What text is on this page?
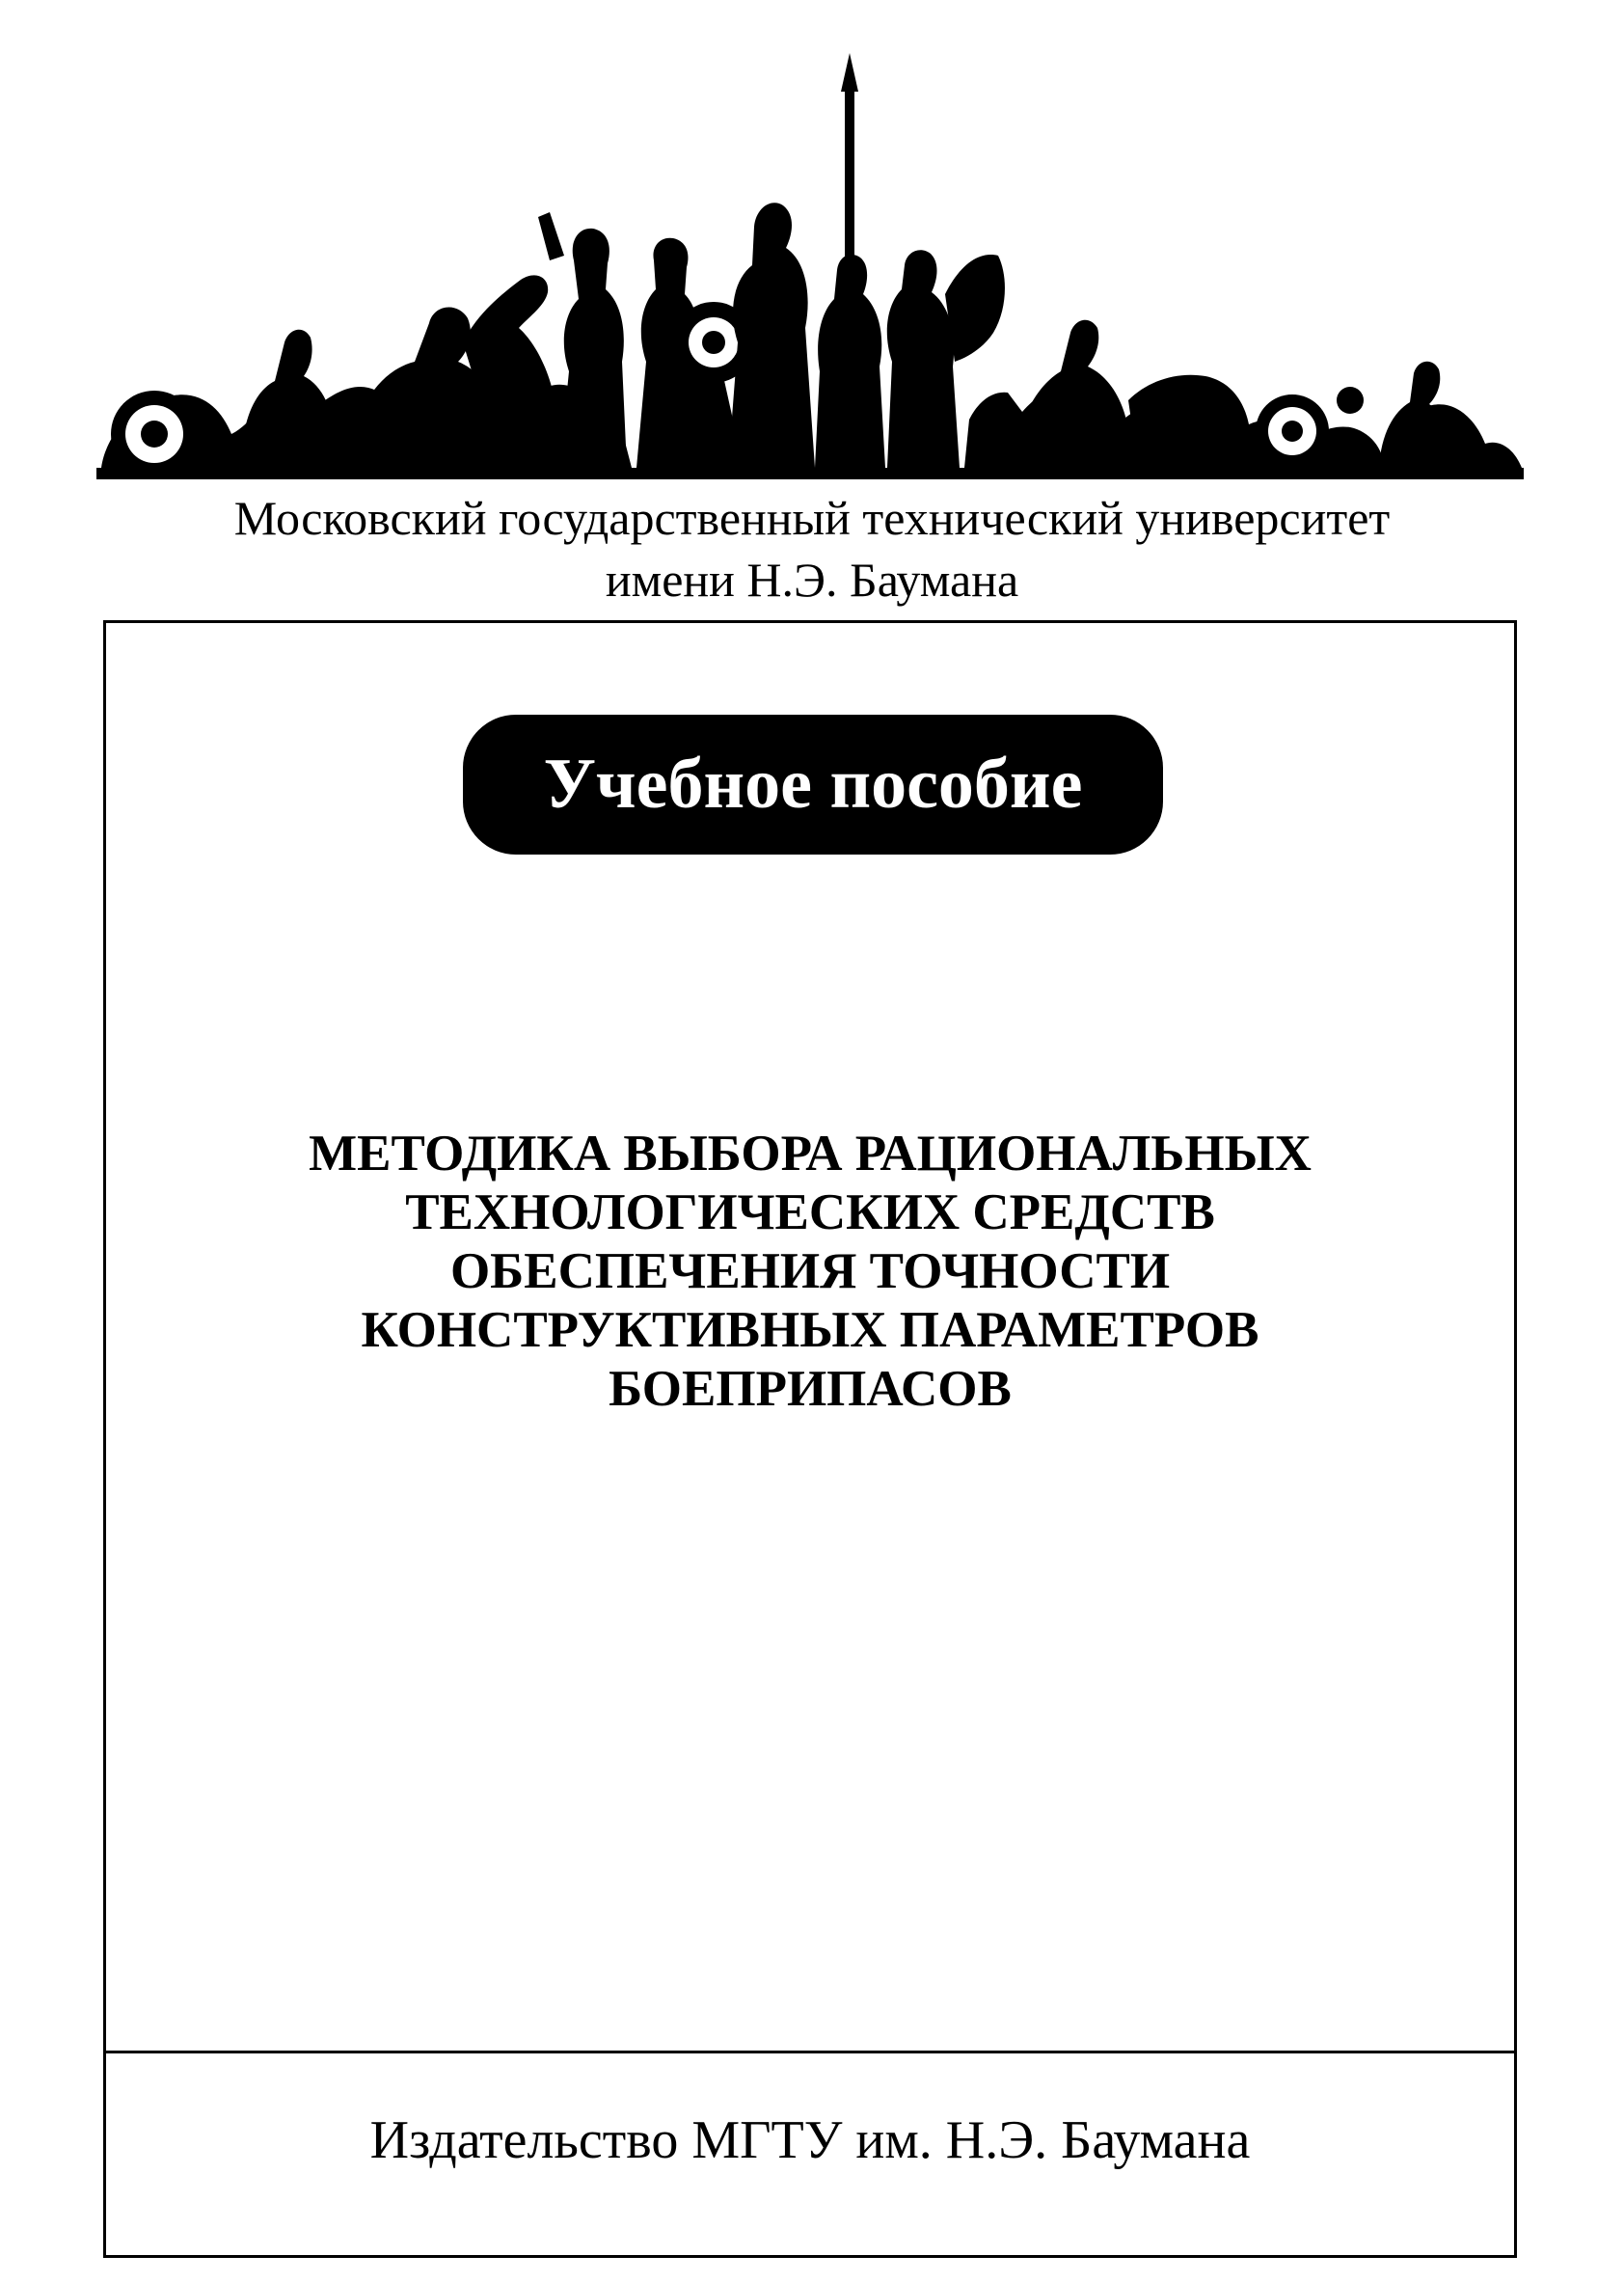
Московский государственный технический университет
имени Н.Э. Баумана
Учебное пособие
МЕТОДИКА ВЫБОРА РАЦИОНАЛЬНЫХ
ТЕХНОЛОГИЧЕСКИХ СРЕДСТВ
ОБЕСПЕЧЕНИЯ ТОЧНОСТИ
КОНСТРУКТИВНЫХ ПАРАМЕТРОВ
БОЕПРИПАСОВ
Издательство МГТУ им. Н.Э. Баумана
